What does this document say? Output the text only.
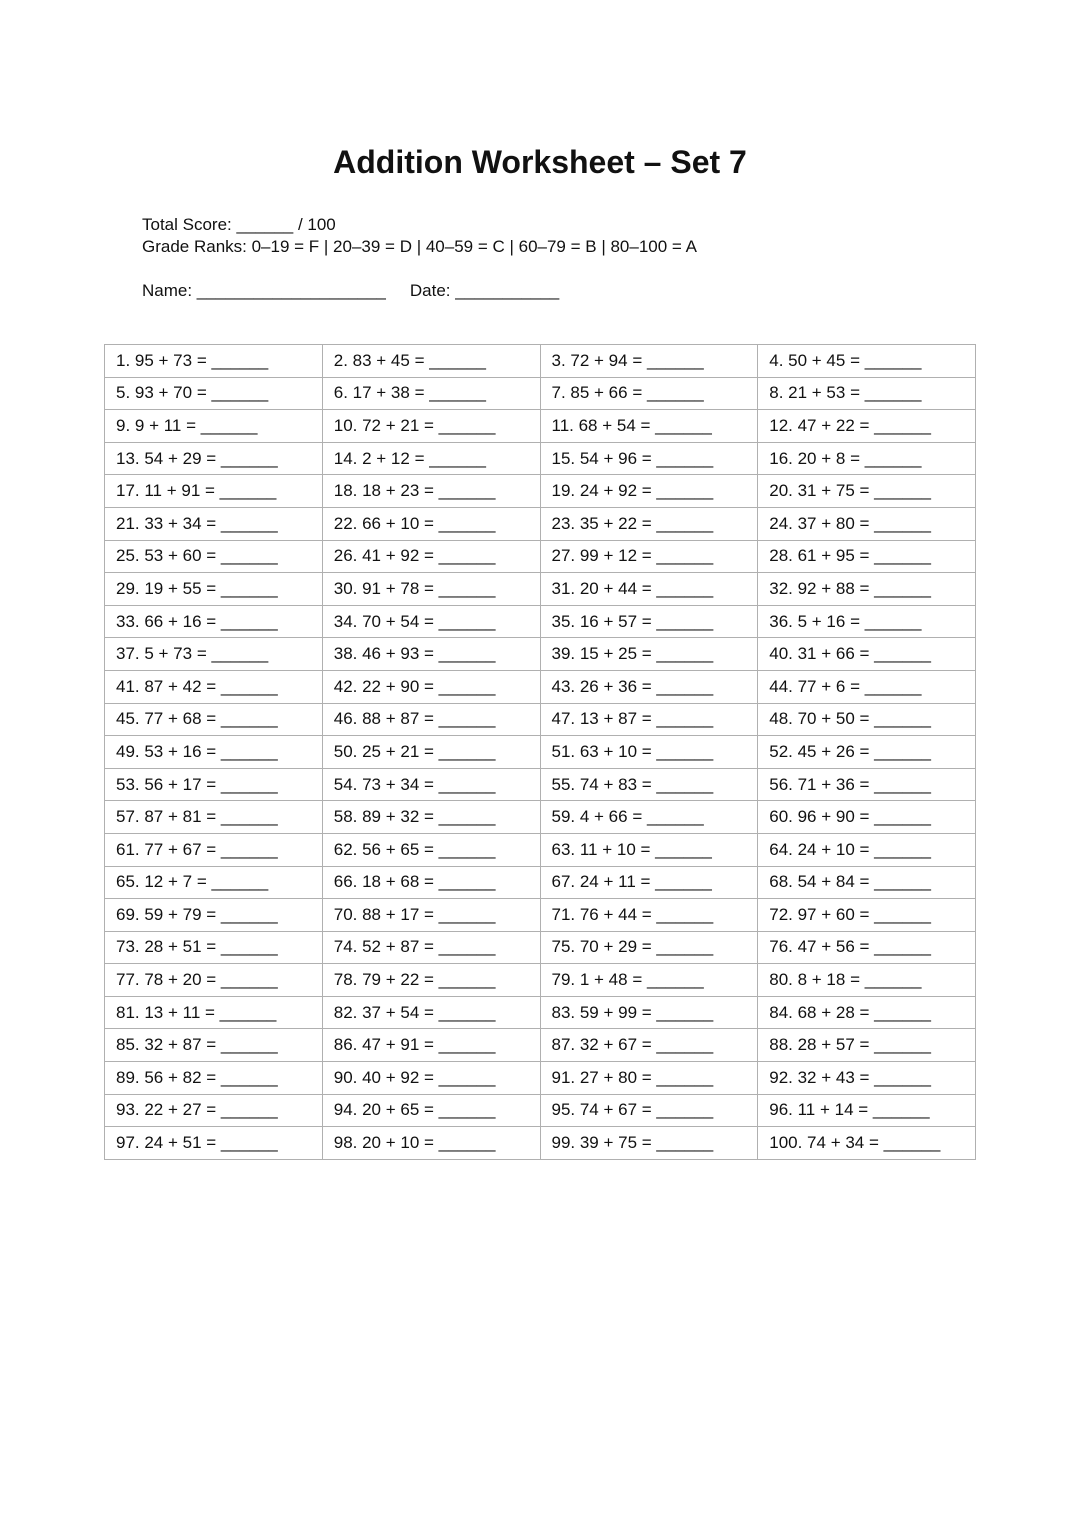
Addition Worksheet – Set 7
Total Score: ______ / 100
Grade Ranks: 0–19 = F | 20–39 = D | 40–59 = C | 60–79 = B | 80–100 = A
Name: ____________________ Date: ___________
1. 95 + 73 = ______	2. 83 + 45 = ______	3. 72 + 94 = ______	4. 50 + 45 = ______
5. 93 + 70 = ______	6. 17 + 38 = ______	7. 85 + 66 = ______	8. 21 + 53 = ______
9. 9 + 11 = ______	10. 72 + 21 = ______	11. 68 + 54 = ______	12. 47 + 22 = ______
13. 54 + 29 = ______	14. 2 + 12 = ______	15. 54 + 96 = ______	16. 20 + 8 = ______
17. 11 + 91 = ______	18. 18 + 23 = ______	19. 24 + 92 = ______	20. 31 + 75 = ______
21. 33 + 34 = ______	22. 66 + 10 = ______	23. 35 + 22 = ______	24. 37 + 80 = ______
25. 53 + 60 = ______	26. 41 + 92 = ______	27. 99 + 12 = ______	28. 61 + 95 = ______
29. 19 + 55 = ______	30. 91 + 78 = ______	31. 20 + 44 = ______	32. 92 + 88 = ______
33. 66 + 16 = ______	34. 70 + 54 = ______	35. 16 + 57 = ______	36. 5 + 16 = ______
37. 5 + 73 = ______	38. 46 + 93 = ______	39. 15 + 25 = ______	40. 31 + 66 = ______
41. 87 + 42 = ______	42. 22 + 90 = ______	43. 26 + 36 = ______	44. 77 + 6 = ______
45. 77 + 68 = ______	46. 88 + 87 = ______	47. 13 + 87 = ______	48. 70 + 50 = ______
49. 53 + 16 = ______	50. 25 + 21 = ______	51. 63 + 10 = ______	52. 45 + 26 = ______
53. 56 + 17 = ______	54. 73 + 34 = ______	55. 74 + 83 = ______	56. 71 + 36 = ______
57. 87 + 81 = ______	58. 89 + 32 = ______	59. 4 + 66 = ______	60. 96 + 90 = ______
61. 77 + 67 = ______	62. 56 + 65 = ______	63. 11 + 10 = ______	64. 24 + 10 = ______
65. 12 + 7 = ______	66. 18 + 68 = ______	67. 24 + 11 = ______	68. 54 + 84 = ______
69. 59 + 79 = ______	70. 88 + 17 = ______	71. 76 + 44 = ______	72. 97 + 60 = ______
73. 28 + 51 = ______	74. 52 + 87 = ______	75. 70 + 29 = ______	76. 47 + 56 = ______
77. 78 + 20 = ______	78. 79 + 22 = ______	79. 1 + 48 = ______	80. 8 + 18 = ______
81. 13 + 11 = ______	82. 37 + 54 = ______	83. 59 + 99 = ______	84. 68 + 28 = ______
85. 32 + 87 = ______	86. 47 + 91 = ______	87. 32 + 67 = ______	88. 28 + 57 = ______
89. 56 + 82 = ______	90. 40 + 92 = ______	91. 27 + 80 = ______	92. 32 + 43 = ______
93. 22 + 27 = ______	94. 20 + 65 = ______	95. 74 + 67 = ______	96. 11 + 14 = ______
97. 24 + 51 = ______	98. 20 + 10 = ______	99. 39 + 75 = ______	100. 74 + 34 = ______
